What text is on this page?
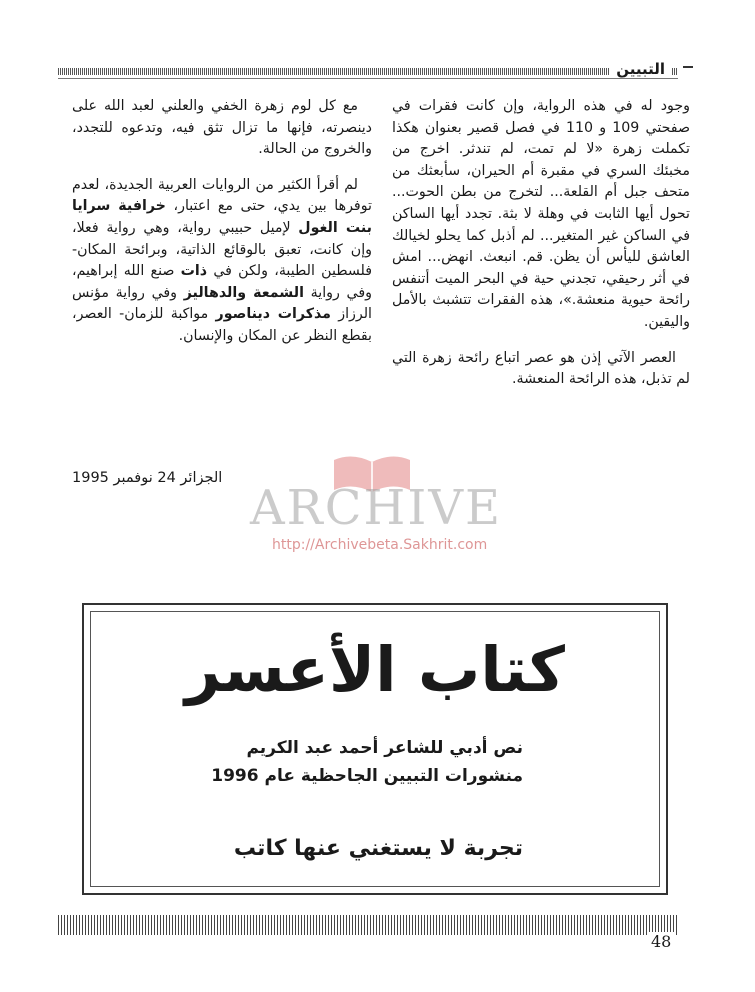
التبيين

وجود له في هذه الرواية، وإن كانت فقرات في صفحتي 109 و 110 في فصل قصير بعنوان هكذا تكملت زهرة «لا لم تمت، لم تندثر. اخرج من مخبئك السري في مقبرة أم الحيران، سأبعثك من متحف جبل أم القلعة... لتخرج من بطن الحوت... تحول أيها الثابت في وهلة لا بثة. تجدد أيها الساكن في الساكن غير المتغير... لم أذبل كما يحلو لخيالك العاشق لليأس أن يظن. قم. انبعث. انهض... امش في أثر رحيقي، تجدني حية في البحر الميت أتنفس رائحة حيوية منعشة.»، هذه الفقرات تتشبث بالأمل واليقين.

العصر الآتي إذن هو عصر اتباع رائحة زهرة التي لم تذبل، هذه الرائحة المنعشة.

مع كل لوم زهرة الخفي والعلني لعبد الله على دينصرته، فإنها ما تزال تثق فيه، وتدعوه للتجدد، والخروج من الحالة.

لم أقرأ الكثير من الروايات العربية الجديدة، لعدم توفرها بين يدي، حتى مع اعتبار، خرافية سرايا بنت الغول لإميل حبيبي رواية، وهي رواية فعلا، وإن كانت، تعبق بالوقائع الذاتية، وبرائحة المكان- فلسطين الطيبة، ولكن في ذات صنع الله إبراهيم، وفي رواية الشمعة والدهاليز وفي رواية مؤنس الرزاز مذكرات ديناصور مواكبة للزمان- العصر، بقطع النظر عن المكان والإنسان.

الجزائر 24 نوفمبر 1995
ARCHIVE
http://Archivebeta.Sakhrit.com
كتاب الأعسر
نص أدبي للشاعر أحمد عبد الكريم
منشورات التبيين الجاحظية عام 1996
تجربة لا يستغني عنها كاتب
48
